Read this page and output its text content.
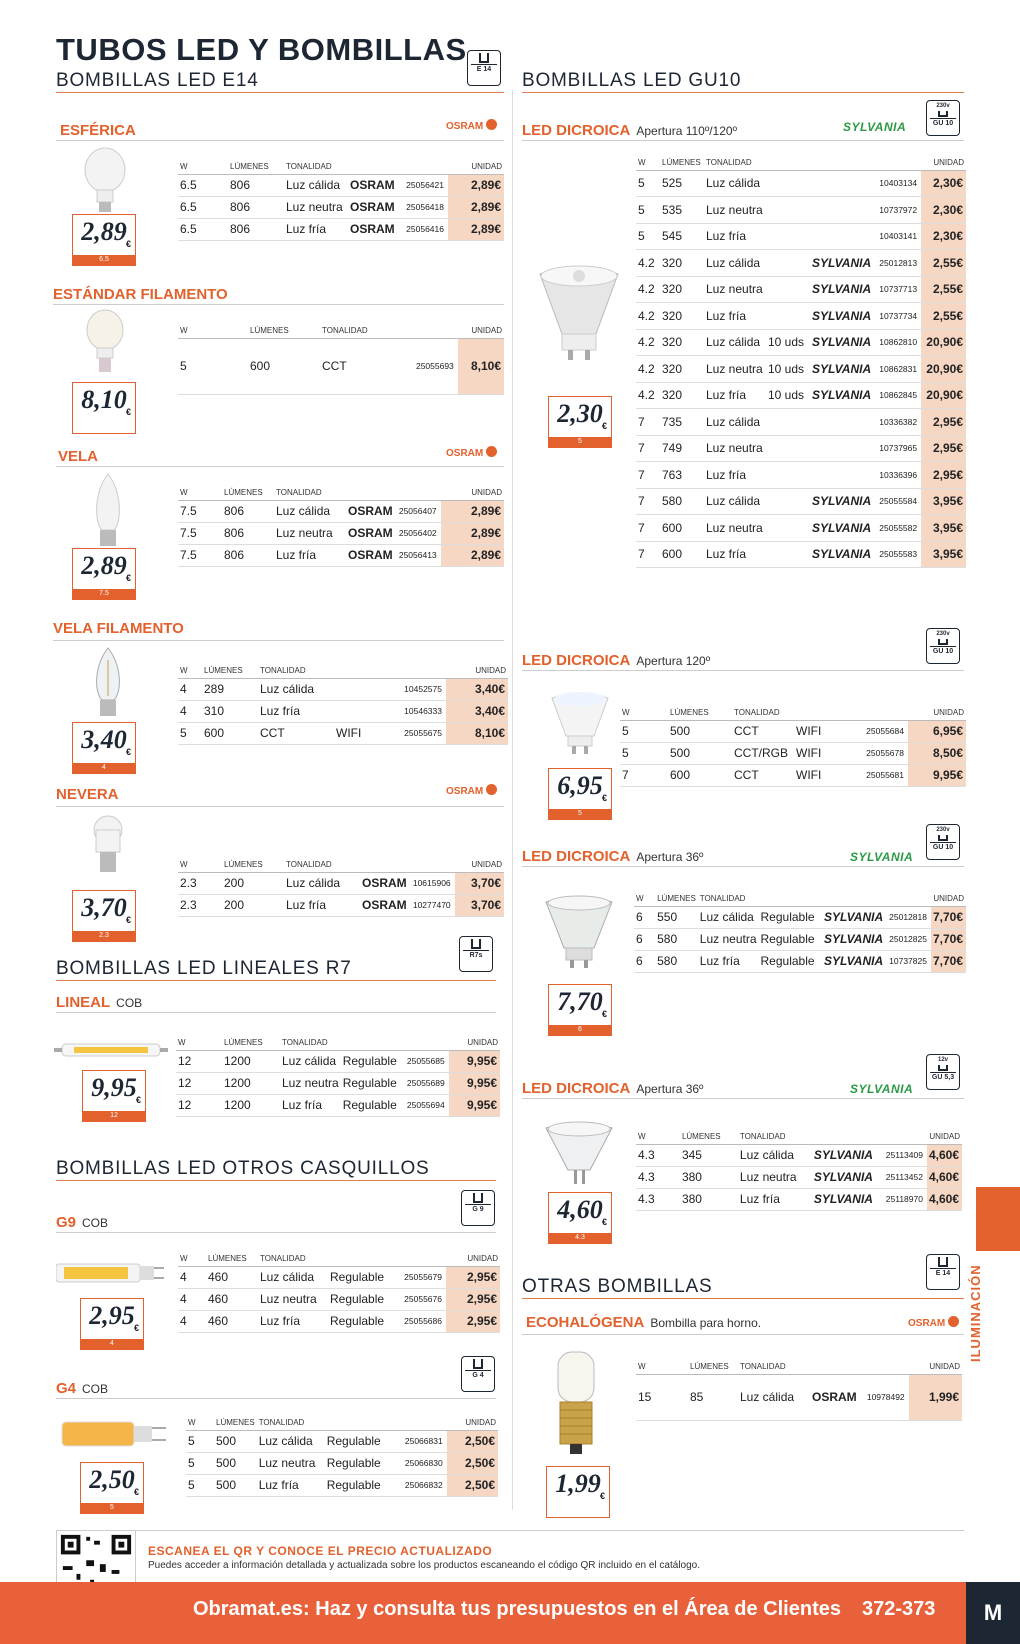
TUBOS LED Y BOMBILLAS
BOMBILLAS LED E14
E 14
BOMBILLAS LED GU10
ESFÉRICA	OSRAM
2,89 €
6.5
W	LÚMENES	TONALIDAD			UNIDAD
6.5	806	Luz cálida	OSRAM	25056421	2,89€
6.5	806	Luz neutra	OSRAM	25056418	2,89€
6.5	806	Luz fría	OSRAM	25056416	2,89€
ESTÁNDAR FILAMENTO
8,10 €
W	LÚMENES	TONALIDAD		UNIDAD
5	600	CCT	25055693	8,10€
VELA	OSRAM
2,89 €
7.5
W	LÚMENES	TONALIDAD			UNIDAD
7.5	806	Luz cálida	OSRAM	25056407	2,89€
7.5	806	Luz neutra	OSRAM	25056402	2,89€
7.5	806	Luz fría	OSRAM	25056413	2,89€
VELA FILAMENTO
3,40 €
4
W	LÚMENES	TONALIDAD			UNIDAD
4	289	Luz cálida		10452575	3,40€
4	310	Luz fría		10546333	3,40€
5	600	CCT	WIFI	25055675	8,10€
NEVERA	OSRAM
3,70 €
2.3
W	LÚMENES	TONALIDAD			UNIDAD
2.3	200	Luz cálida	OSRAM	10615906	3,70€
2.3	200	Luz fría	OSRAM	10277470	3,70€
BOMBILLAS LED LINEALES R7
R7s
LINEAL COB
9,95 €
12
W	LÚMENES	TONALIDAD			UNIDAD
12	1200	Luz cálida	Regulable	25055685	9,95€
12	1200	Luz neutra	Regulable	25055689	9,95€
12	1200	Luz fría	Regulable	25055694	9,95€
BOMBILLAS LED OTROS CASQUILLOS
G 9
G9 COB
2,95 €
4
W	LÚMENES	TONALIDAD			UNIDAD
4	460	Luz cálida	Regulable	25055679	2,95€
4	460	Luz neutra	Regulable	25055676	2,95€
4	460	Luz fría	Regulable	25055686	2,95€
G 4
G4 COB
2,50 €
5
W	LÚMENES	TONALIDAD			UNIDAD
5	500	Luz cálida	Regulable	25066831	2,50€
5	500	Luz neutra	Regulable	25066830	2,50€
5	500	Luz fría	Regulable	25066832	2,50€
LED DICROICA Apertura 110º/120º	SYLVANIA
230v
GU 10
2,30 €
5
W	LÚMENES	TONALIDAD				UNIDAD
5	525	Luz cálida			10403134	2,30€
5	535	Luz neutra			10737972	2,30€
5	545	Luz fría			10403141	2,30€
4.2	320	Luz cálida		SYLVANIA	25012813	2,55€
4.2	320	Luz neutra		SYLVANIA	10737713	2,55€
4.2	320	Luz fría		SYLVANIA	10737734	2,55€
4.2	320	Luz cálida	10 uds	SYLVANIA	10862810	20,90€
4.2	320	Luz neutra	10 uds	SYLVANIA	10862831	20,90€
4.2	320	Luz fría	10 uds	SYLVANIA	10862845	20,90€
7	735	Luz cálida			10336382	2,95€
7	749	Luz neutra			10737965	2,95€
7	763	Luz fría			10336396	2,95€
7	580	Luz cálida		SYLVANIA	25055584	3,95€
7	600	Luz neutra		SYLVANIA	25055582	3,95€
7	600	Luz fría		SYLVANIA	25055583	3,95€
230v
GU 10
LED DICROICA Apertura 120º
6,95 €
5
W	LÚMENES	TONALIDAD			UNIDAD
5	500	CCT	WIFI	25055684	6,95€
5	500	CCT/RGB	WIFI	25055678	8,50€
7	600	CCT	WIFI	25055681	9,95€
230v
GU 10
SYLVANIA
LED DICROICA Apertura 36º
7,70 €
6
W	LÚMENES	TONALIDAD				UNIDAD
6	550	Luz cálida	Regulable	SYLVANIA	25012818	7,70€
6	580	Luz neutra	Regulable	SYLVANIA	25012825	7,70€
6	580	Luz fría	Regulable	SYLVANIA	10737825	7,70€
12v
GU 5,3
SYLVANIA
LED DICROICA Apertura 36º
4,60 €
4.3
W	LÚMENES	TONALIDAD			UNIDAD
4.3	345	Luz cálida	SYLVANIA	25113409	4,60€
4.3	380	Luz neutra	SYLVANIA	25113452	4,60€
4.3	380	Luz fría	SYLVANIA	25118970	4,60€
E 14
OTRAS BOMBILLAS
ECOHALÓGENA Bombilla para horno.	OSRAM
1,99 €
W	LÚMENES	TONALIDAD			UNIDAD
15	85	Luz cálida	OSRAM	10978492	1,99€
ILUMINACIÓN
ESCANEA EL QR Y CONOCE EL PRECIO ACTUALIZADO
Puedes acceder a información detallada y actualizada sobre los productos escaneando el código QR incluido en el catálogo.
Obramat.es: Haz y consulta tus presupuestos en el Área de Clientes 372-373	M
